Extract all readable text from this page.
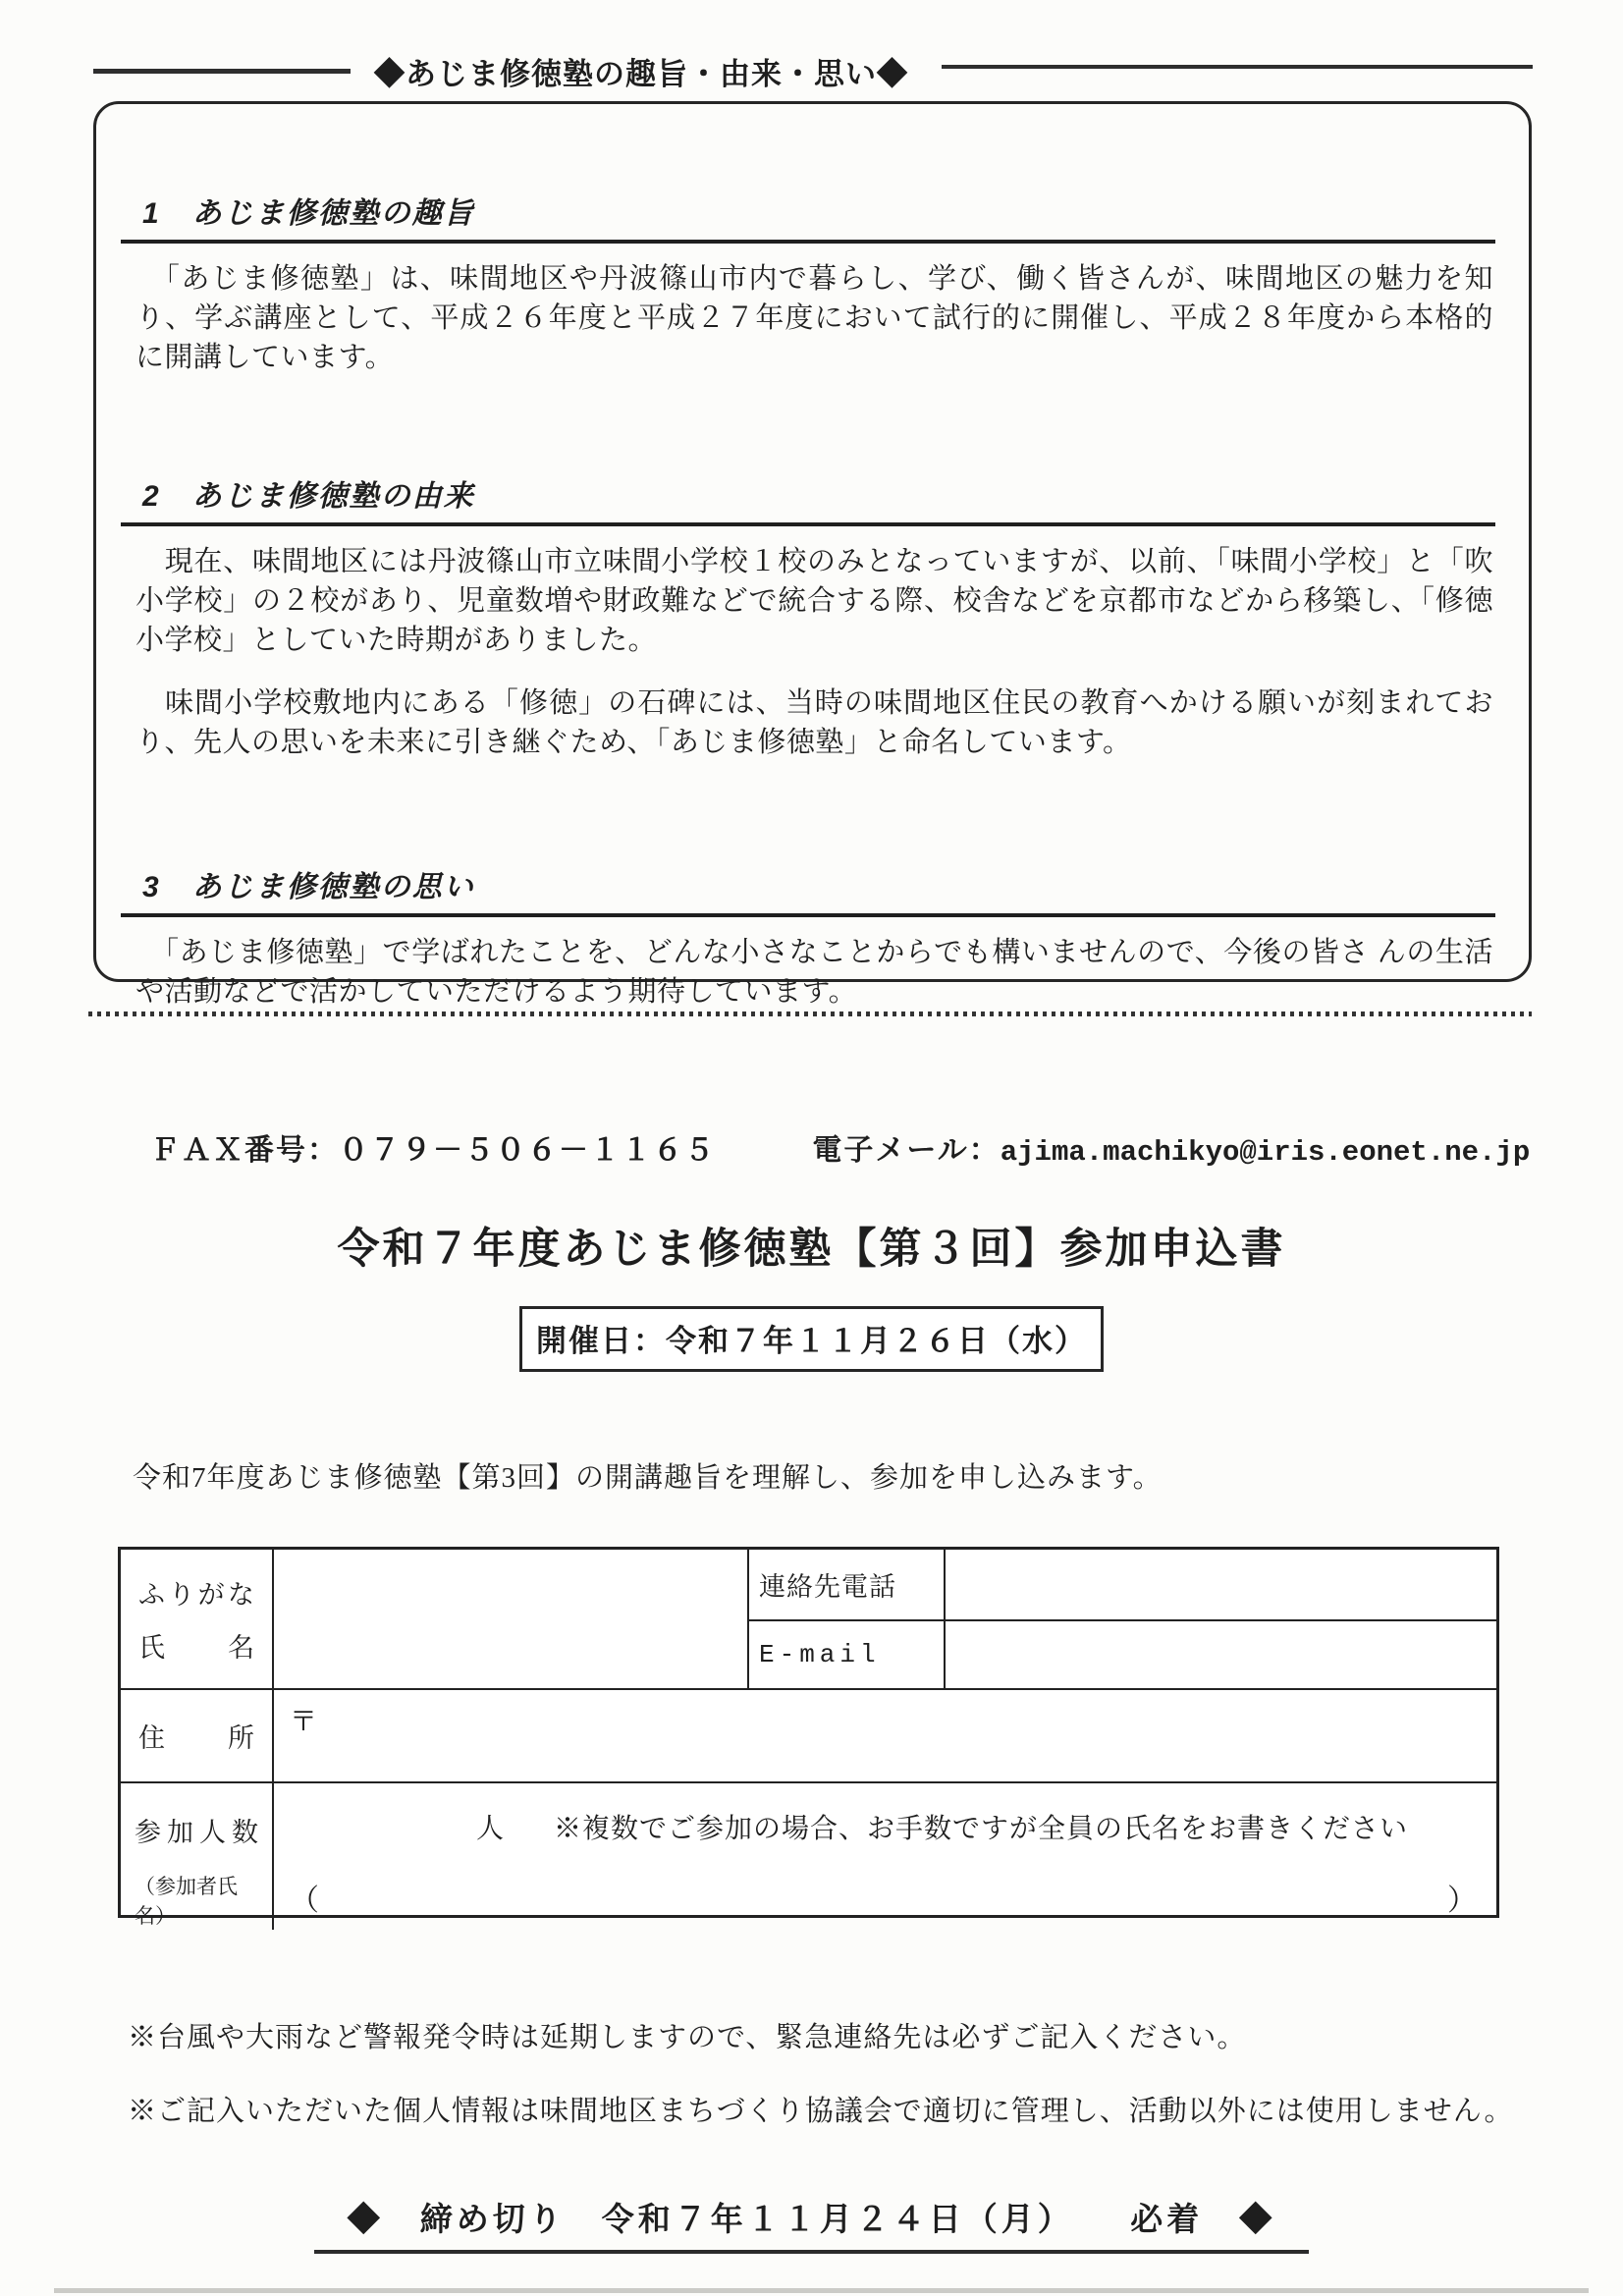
◆あじま修徳塾の趣旨・由来・思い◆
1　あじま修徳塾の趣旨
　「あじま修徳塾」は、味間地区や丹波篠山市内で暮らし、学び、働く皆さんが、味間地区の魅力を知り、学ぶ講座として、平成２６年度と平成２７年度において試行的に開催し、平成２８年度から本格的に開講しています。
2　あじま修徳塾の由来
　現在、味間地区には丹波篠山市立味間小学校１校のみとなっていますが、以前、「味間小学校」と「吹小学校」の２校があり、児童数増や財政難などで統合する際、校舎などを京都市などから移築し、「修徳小学校」としていた時期がありました。
　味間小学校敷地内にある「修徳」の石碑には、当時の味間地区住民の教育へかける願いが刻まれており、先人の思いを未来に引き継ぐため、「あじま修徳塾」と命名しています。
3　あじま修徳塾の思い
　「あじま修徳塾」で学ばれたことを、どんな小さなことからでも構いませんので、今後の皆さ んの生活や活動などで活かしていただけるよう期待しています。
ＦＡＸ番号：０７９－５０６－１１６５	電子メール：ajima.machikyo@iris.eonet.ne.jp
令和７年度あじま修徳塾【第３回】参加申込書
開催日：令和７年１１月２６日（水）
令和7年度あじま修徳塾【第3回】の開講趣旨を理解し、参加を申し込みます。
ふりがな
氏名
連絡先電話
E-mail
住所
〒
参加人数
（参加者氏名）
人 ※複数でご参加の場合、お手数ですが全員の氏名をお書きください
（	）
※台風や大雨など警報発令時は延期しますので、緊急連絡先は必ずご記入ください。
※ご記入いただいた個人情報は味間地区まちづくり協議会で適切に管理し、活動以外には使用しません。
◆　締め切り　令和７年１１月２４日（月）　　必着　◆
